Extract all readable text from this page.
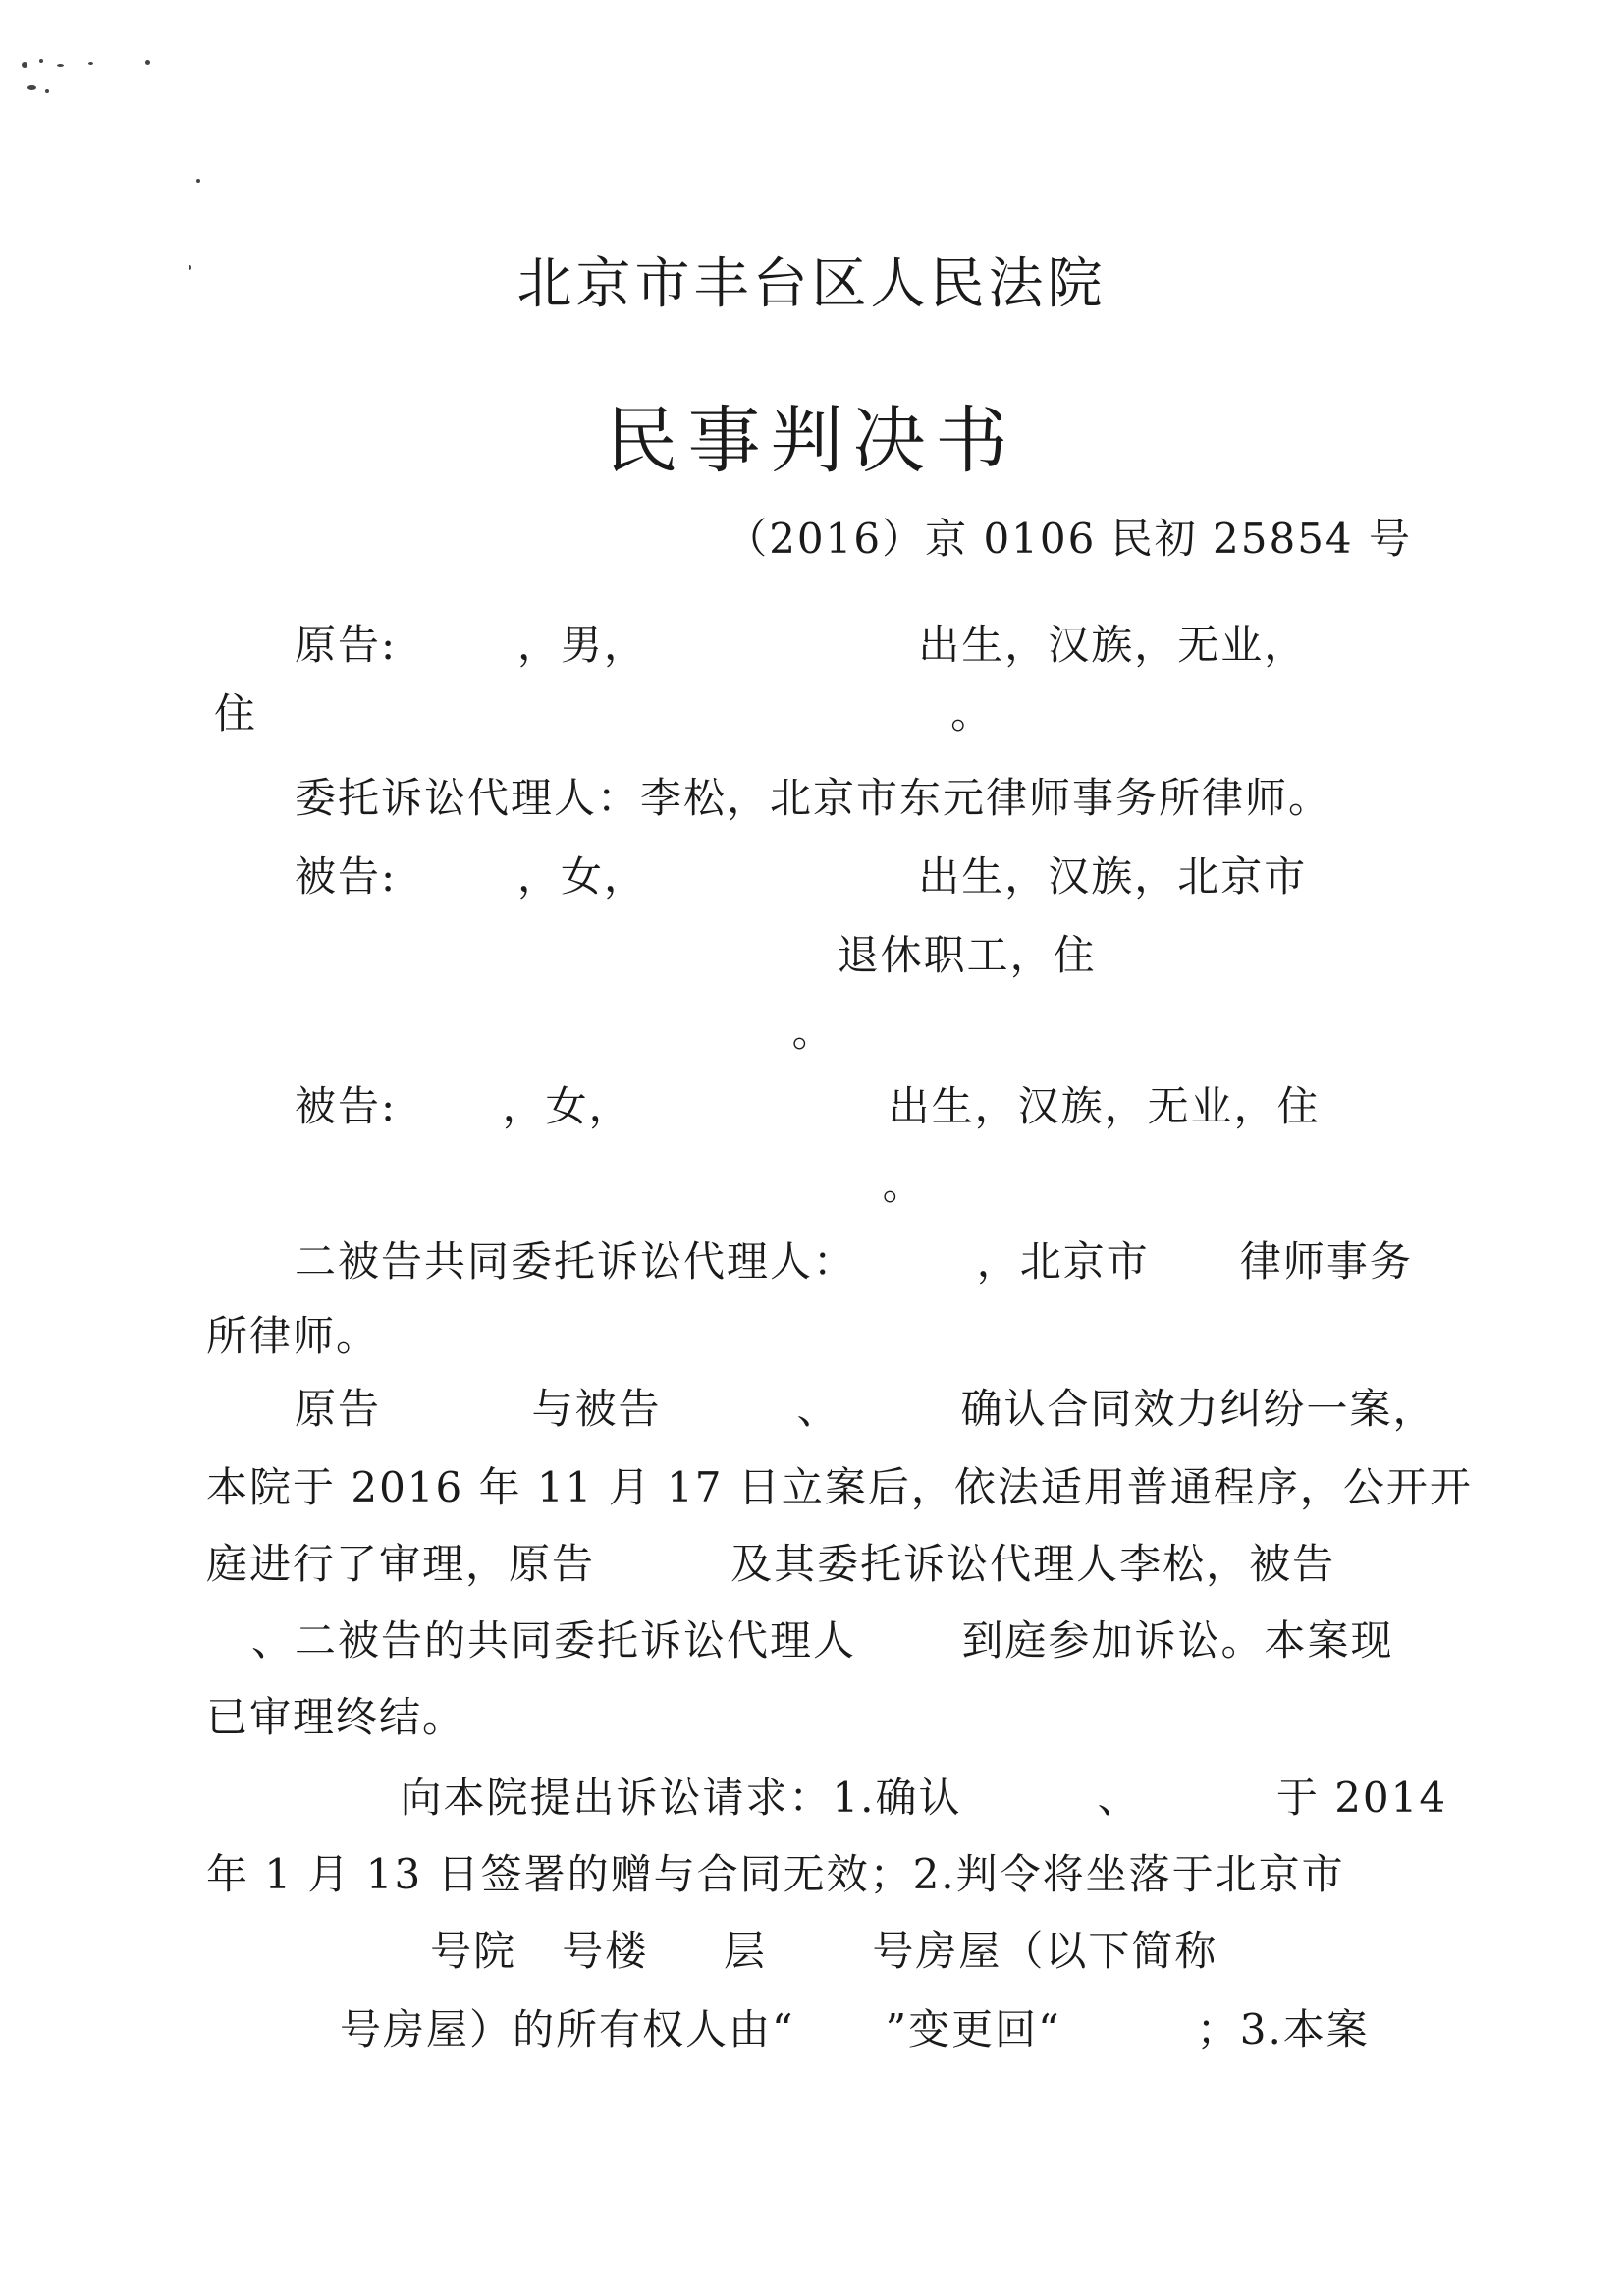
北京市丰台区人民法院
民事判决书
（2016）京 0106 民初 25854 号
原告:        ，男，                  出生，汉族，无业，
住                                              。
委托诉讼代理人：李松，北京市东元律师事务所律师。
被告:        ，女，                  出生，汉族，北京市
退休职工，住
。
被告:       ，女，                 出生，汉族，无业，住
。
二被告共同委托诉讼代理人：        ，北京市      律师事务
所律师。
原告          与被告         、        确认合同效力纠纷一案，
本院于 2016 年 11 月 17 日立案后，依法适用普通程序，公开开
庭进行了审理，原告         及其委托诉讼代理人李松，被告
、二被告的共同委托诉讼代理人       到庭参加诉讼。本案现
已审理终结。
向本院提出诉讼请求：1.确认         、         于 2014
年 1 月 13 日签署的赠与合同无效；2.判令将坐落于北京市
号院   号楼     层       号房屋（以下简称
号房屋）的所有权人由“      ”变更回“         ；3.本案
